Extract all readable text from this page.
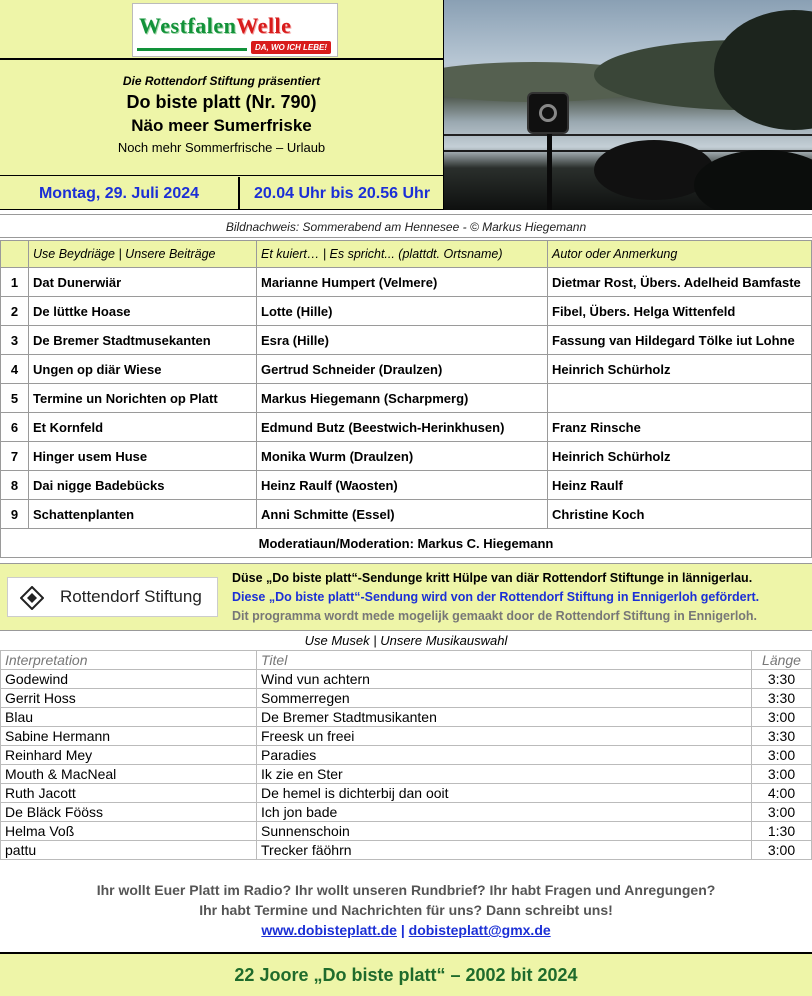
WestfalenWelle
DA, WO ICH LEBE!
Die Rottendorf Stiftung präsentiert
Do biste platt (Nr. 790)
Näo meer Sumerfriske
Noch mehr Sommerfrische – Urlaub
Montag, 29. Juli 2024	20.04 Uhr bis 20.56 Uhr
Bildnachweis: Sommerabend am Hennesee - © Markus Hiegemann
	Use Beydriäge | Unsere Beiträge	Et kuiert… | Es spricht... (plattdt. Ortsname)	Autor oder Anmerkung
1	Dat Dunerwiär	Marianne Humpert (Velmere)	Dietmar Rost, Übers. Adelheid Bamfaste
2	De lüttke Hoase	Lotte (Hille)	Fibel, Übers. Helga Wittenfeld
3	De Bremer Stadtmusekanten	Esra (Hille)	Fassung van Hildegard Tölke iut Lohne
4	Ungen op diär Wiese	Gertrud Schneider (Draulzen)	Heinrich Schürholz
5	Termine un Norichten op Platt	Markus Hiegemann (Scharpmerg)	
6	Et Kornfeld	Edmund Butz (Beestwich-Herinkhusen)	Franz Rinsche
7	Hinger usem Huse	Monika Wurm (Draulzen)	Heinrich Schürholz
8	Dai nigge Badebücks	Heinz Raulf (Waosten)	Heinz Raulf
9	Schattenplanten	Anni Schmitte (Essel)	Christine Koch
Moderatiaun/Moderation: Markus C. Hiegemann			
Rottendorf Stiftung
Düse „Do biste platt“-Sendunge kritt Hülpe van diär Rottendorf Stiftunge in lännigerlau.
Diese „Do biste platt“-Sendung wird von der Rottendorf Stiftung in Ennigerloh gefördert.
Dit programma wordt mede mogelijk gemaakt door de Rottendorf Stiftung in Ennigerloh.
Use Musek | Unsere Musikauswahl
Interpretation	Titel	Länge
Godewind	Wind vun achtern	3:30
Gerrit Hoss	Sommerregen	3:30
Blau	De Bremer Stadtmusikanten	3:00
Sabine Hermann	Freesk un freei	3:30
Reinhard Mey	Paradies	3:00
Mouth & MacNeal	Ik zie en Ster	3:00
Ruth Jacott	De hemel is dichterbij dan ooit	4:00
De Bläck Fööss	Ich jon bade	3:00
Helma Voß	Sunnenschoin	1:30
pattu	Trecker fäöhrn	3:00
Ihr wollt Euer Platt im Radio? Ihr wollt unseren Rundbrief? Ihr habt Fragen und Anregungen?
Ihr habt Termine und Nachrichten für uns? Dann schreibt uns!
www.dobisteplatt.de | dobisteplatt@gmx.de
22 Joore „Do biste platt“ – 2002 bit 2024
